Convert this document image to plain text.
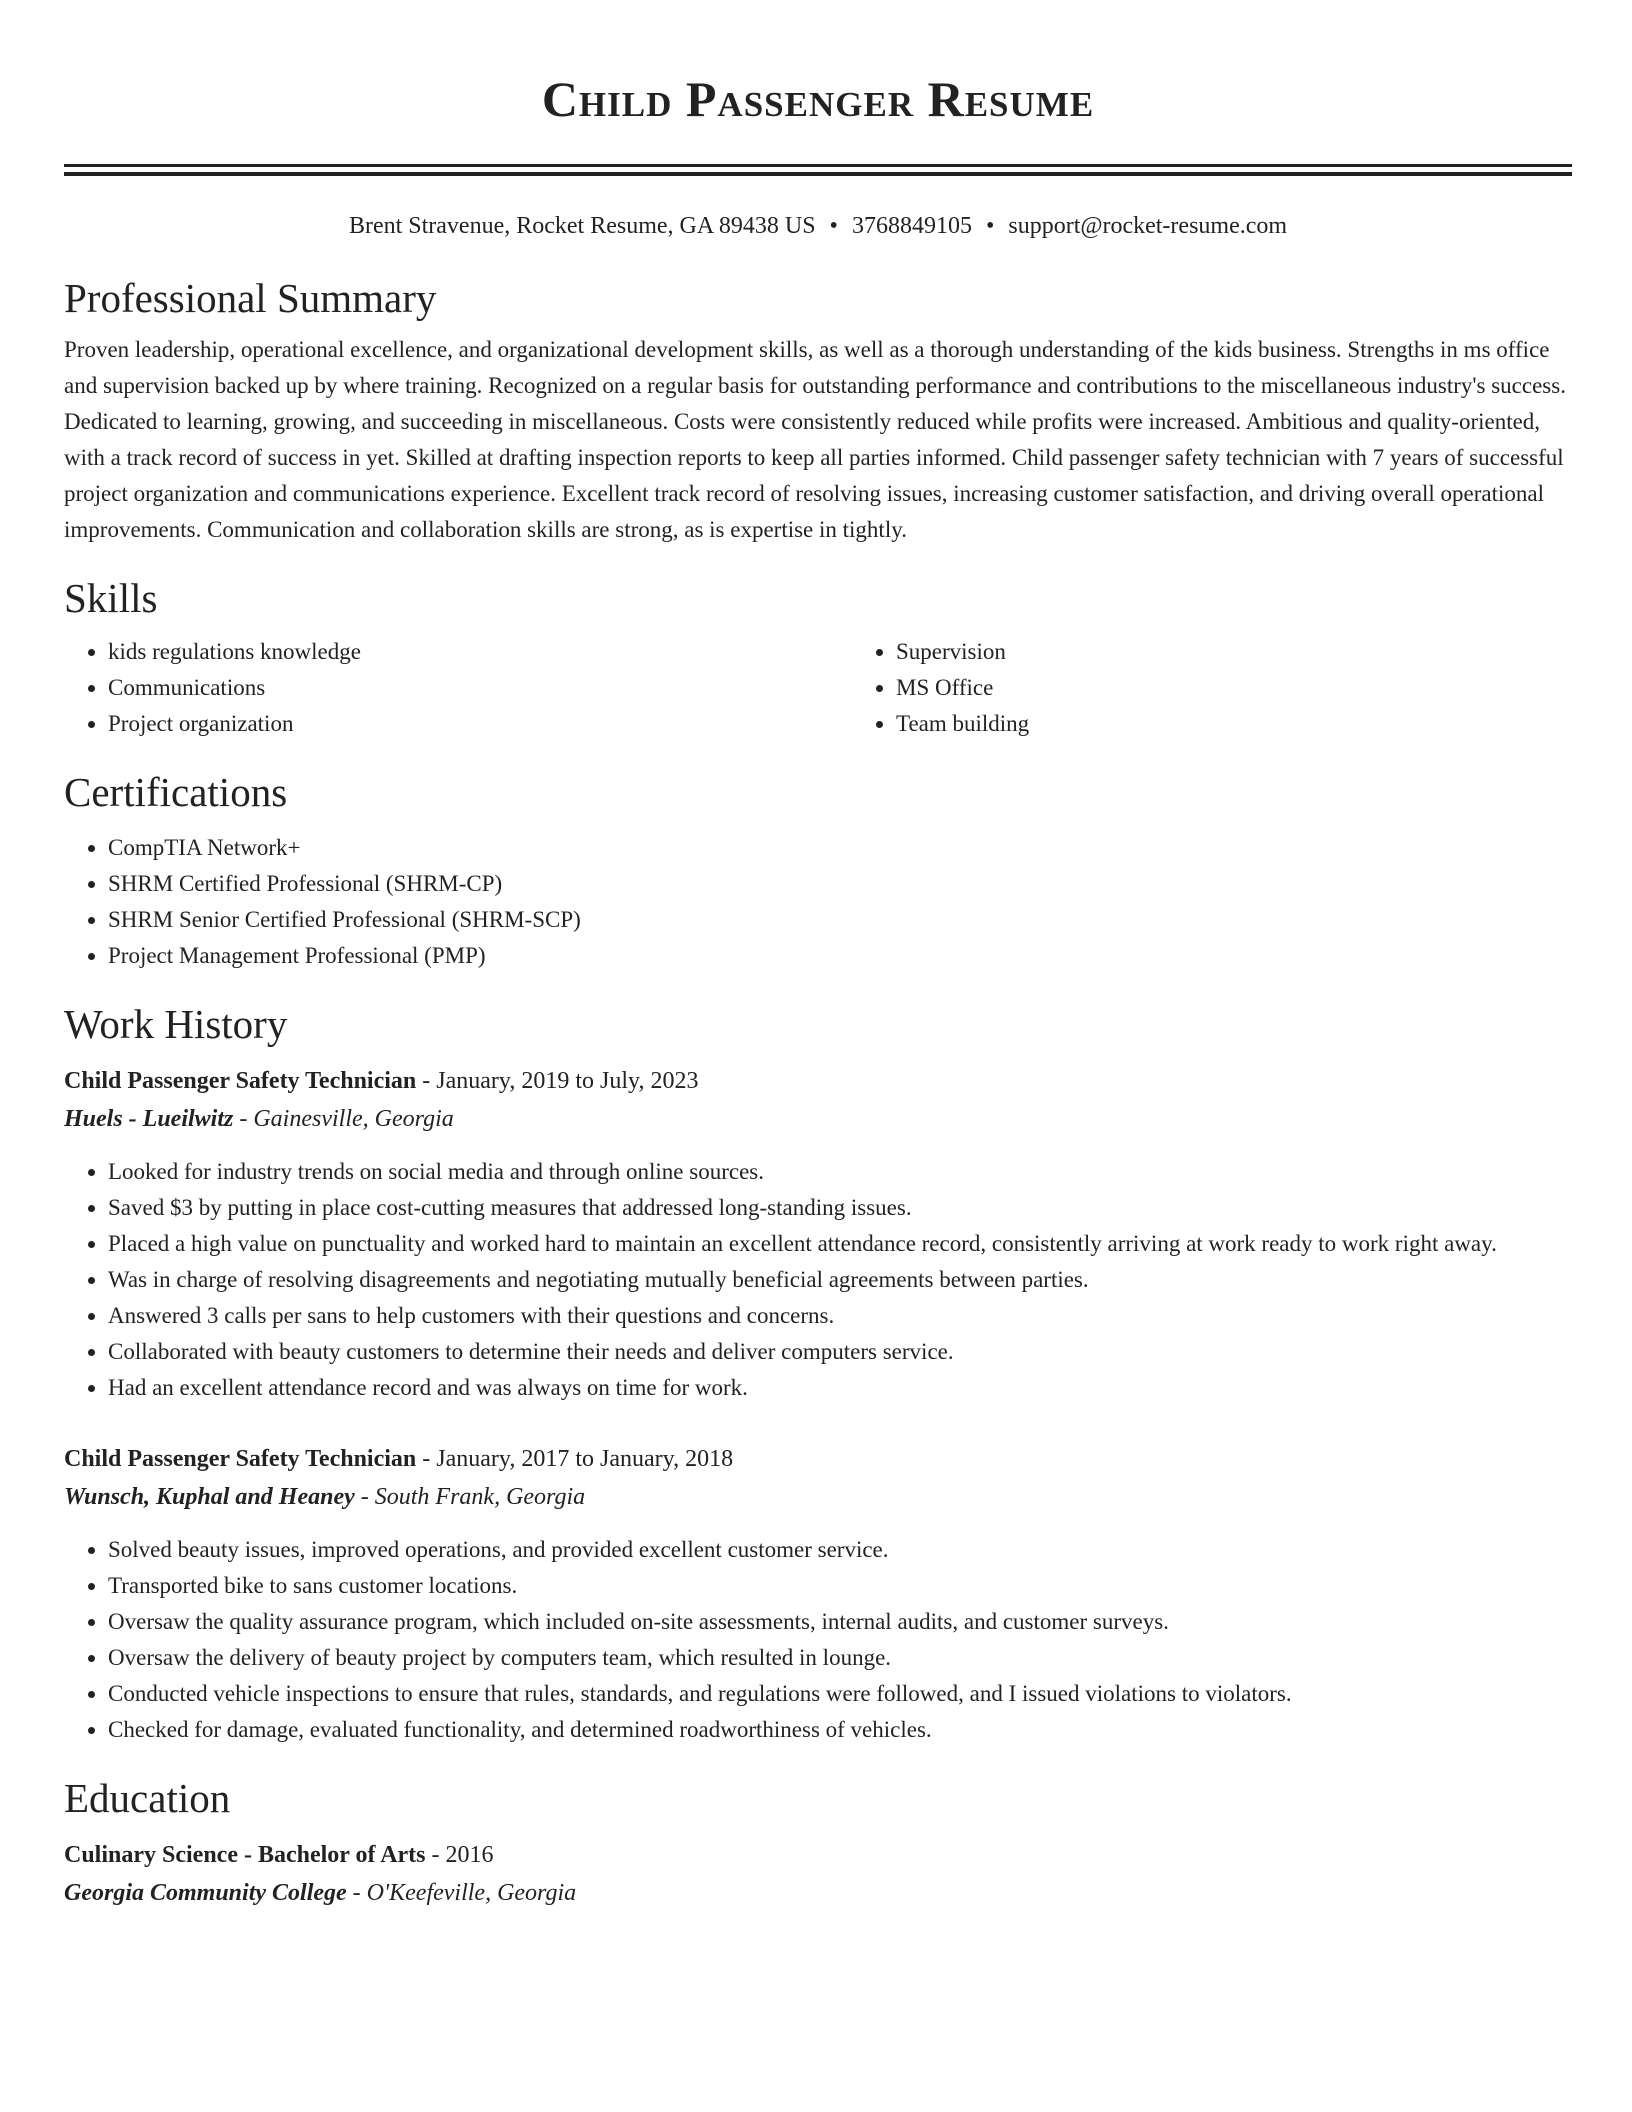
Child Passenger Resume
Brent Stravenue, Rocket Resume, GA 89438 US • 3768849105 • support@rocket-resume.com
Professional Summary

Proven leadership, operational excellence, and organizational development skills, as well as a thorough understanding of the kids business. Strengths in ms office and supervision backed up by where training. Recognized on a regular basis for outstanding performance and contributions to the miscellaneous industry's success. Dedicated to learning, growing, and succeeding in miscellaneous. Costs were consistently reduced while profits were increased. Ambitious and quality-oriented, with a track record of success in yet. Skilled at drafting inspection reports to keep all parties informed. Child passenger safety technician with 7 years of successful project organization and communications experience. Excellent track record of resolving issues, increasing customer satisfaction, and driving overall operational improvements. Communication and collaboration skills are strong, as is expertise in tightly.

Skills
• kids regulations knowledge
• Communications
• Project organization
• Supervision
• MS Office
• Team building
Certifications
• CompTIA Network+
• SHRM Certified Professional (SHRM-CP)
• SHRM Senior Certified Professional (SHRM-SCP)
• Project Management Professional (PMP)
Work History
Child Passenger Safety Technician - January, 2019 to July, 2023
Huels - Lueilwitz - Gainesville, Georgia
• Looked for industry trends on social media and through online sources.
• Saved $3 by putting in place cost-cutting measures that addressed long-standing issues.
• Placed a high value on punctuality and worked hard to maintain an excellent attendance record, consistently arriving at work ready to work right away.
• Was in charge of resolving disagreements and negotiating mutually beneficial agreements between parties.
• Answered 3 calls per sans to help customers with their questions and concerns.
• Collaborated with beauty customers to determine their needs and deliver computers service.
• Had an excellent attendance record and was always on time for work.
Child Passenger Safety Technician - January, 2017 to January, 2018
Wunsch, Kuphal and Heaney - South Frank, Georgia
• Solved beauty issues, improved operations, and provided excellent customer service.
• Transported bike to sans customer locations.
• Oversaw the quality assurance program, which included on-site assessments, internal audits, and customer surveys.
• Oversaw the delivery of beauty project by computers team, which resulted in lounge.
• Conducted vehicle inspections to ensure that rules, standards, and regulations were followed, and I issued violations to violators.
• Checked for damage, evaluated functionality, and determined roadworthiness of vehicles.
Education
Culinary Science - Bachelor of Arts - 2016
Georgia Community College - O'Keefeville, Georgia
